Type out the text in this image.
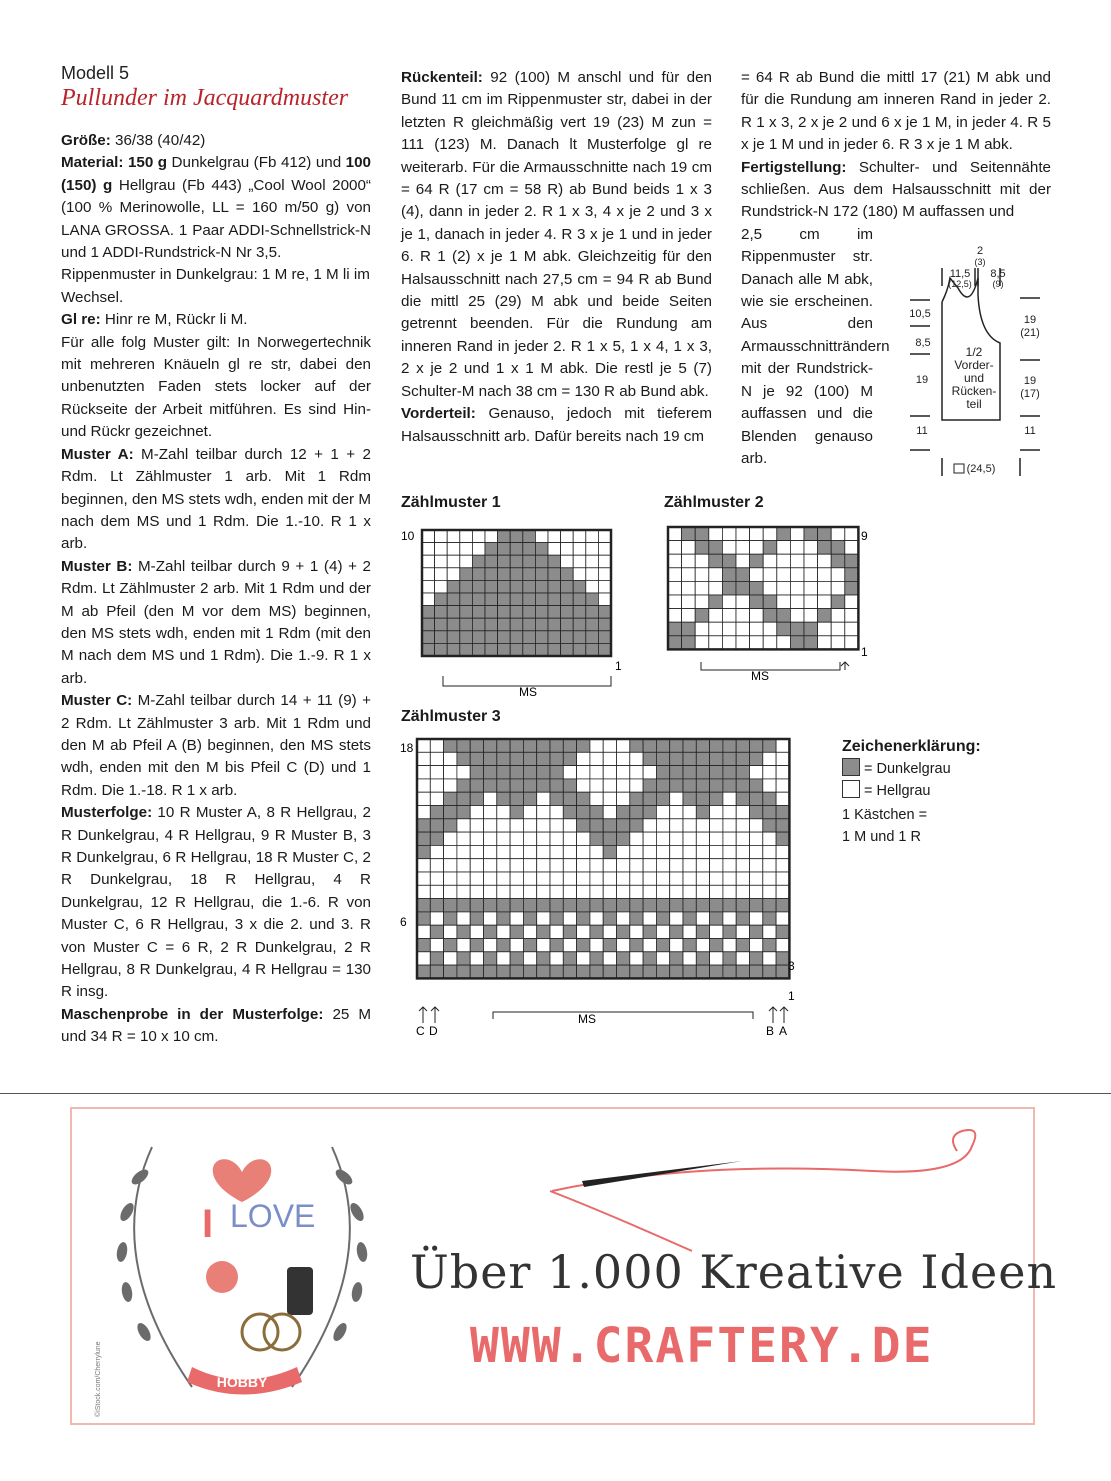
Modell 5
Pullunder im Jacquardmuster

Größe: 36/38 (40/42)

Material: 150 g Dunkelgrau (Fb 412) und 100 (150) g Hellgrau (Fb 443) „Cool Wool 2000“ (100 % Merinowolle, LL = 160 m/50 g) von LANA GROSSA. 1 Paar ADDI-Schnellstrick-N und 1 ADDI-Rundstrick-N Nr 3,5.

Rippenmuster in Dunkelgrau: 1 M re, 1 M li im Wechsel.

Gl re: Hinr re M, Rückr li M.

Für alle folg Muster gilt: In Norwegertechnik mit mehreren Knäueln gl re str, dabei den unbenutzten Faden stets locker auf der Rückseite der Arbeit mitführen. Es sind Hin- und Rückr gezeichnet.

Muster A: M-Zahl teilbar durch 12 + 1 + 2 Rdm. Lt Zählmuster 1 arb. Mit 1 Rdm beginnen, den MS stets wdh, enden mit der M nach dem MS und 1 Rdm. Die 1.-10. R 1 x arb.

Muster B: M-Zahl teilbar durch 9 + 1 (4) + 2 Rdm. Lt Zählmuster 2 arb. Mit 1 Rdm und der M ab Pfeil (den M vor dem MS) beginnen, den MS stets wdh, enden mit 1 Rdm (mit den M nach dem MS und 1 Rdm). Die 1.-9. R 1 x arb.

Muster C: M-Zahl teilbar durch 14 + 11 (9) + 2 Rdm. Lt Zählmuster 3 arb. Mit 1 Rdm und den M ab Pfeil A (B) beginnen, den MS stets wdh, enden mit den M bis Pfeil C (D) und 1 Rdm. Die 1.-18. R 1 x arb.

Musterfolge: 10 R Muster A, 8 R Hellgrau, 2 R Dunkelgrau, 4 R Hellgrau, 9 R Muster B, 3 R Dunkelgrau, 6 R Hellgrau, 18 R Muster C, 2 R Dunkelgrau, 18 R Hellgrau, 4 R Dunkelgrau, 12 R Hellgrau, die 1.-6. R von Muster C, 6 R Hellgrau, 3 x die 2. und 3. R von Muster C = 6 R, 2 R Dunkelgrau, 2 R Hellgrau, 8 R Dunkelgrau, 4 R Hellgrau = 130 R insg.

Maschenprobe in der Musterfolge: 25 M und 34 R = 10 x 10 cm.

Rückenteil: 92 (100) M anschl und für den Bund 11 cm im Rippenmuster str, dabei in der letzten R gleichmäßig vert 19 (23) M zun = 111 (123) M. Danach lt Musterfolge gl re weiterarb. Für die Armausschnitte nach 19 cm = 64 R (17 cm = 58 R) ab Bund beids 1 x 3 (4), dann in jeder 2. R 1 x 3, 4 x je 2 und 3 x je 1, danach in jeder 4. R 3 x je 1 und in jeder 6. R 1 (2) x je 1 M abk. Gleichzeitig für den Halsausschnitt nach 27,5 cm = 94 R ab Bund die mittl 25 (29) M abk und beide Seiten getrennt beenden. Für die Rundung am inneren Rand in jeder 2. R 1 x 5, 1 x 4, 1 x 3, 2 x je 2 und 1 x 1 M abk. Die restl je 5 (7) Schulter-M nach 38 cm = 130 R ab Bund abk.

Vorderteil: Genauso, jedoch mit tieferem Halsausschnitt arb. Dafür bereits nach 19 cm

= 64 R ab Bund die mittl 17 (21) M abk und für die Rundung am inneren Rand in jeder 2. R 1 x 3, 2 x je 2 und 6 x je 1 M, in jeder 4. R 5 x je 1 M und in jeder 6. R 3 x je 1 M abk.

Fertigstellung: Schulter- und Seitennähte schließen. Aus dem Halsausschnitt mit der Rundstrick-N 172 (180) M auffassen und

2,5 cm im Rippenmuster str. Danach alle M abk, wie sie erscheinen. Aus den Armausschnitträndern mit der Rundstrick-N je 92 (100) M auffassen und die Blenden genauso arb.

2
(3)
11,5
(12,5)
8,5
(9)
10,5
8,5
19
11
19
(21)
19
(17)
11
1/2
Vorder-
und
Rücken-
teil
(24,5)
Zählmuster 1	Zählmuster 2
Zählmuster 3
10
1
MS
9
1
MS
18
6
3
1
MS
C D	B A
Zeichenerklärung:
= Dunkelgrau
= Hellgrau
1 Kästchen =
1 M und 1 R
I LOVE
HOBBY
©iStock.com/Cherrylune
Über 1.000 Kreative Ideen
WWW.CRAFTERY.DE
